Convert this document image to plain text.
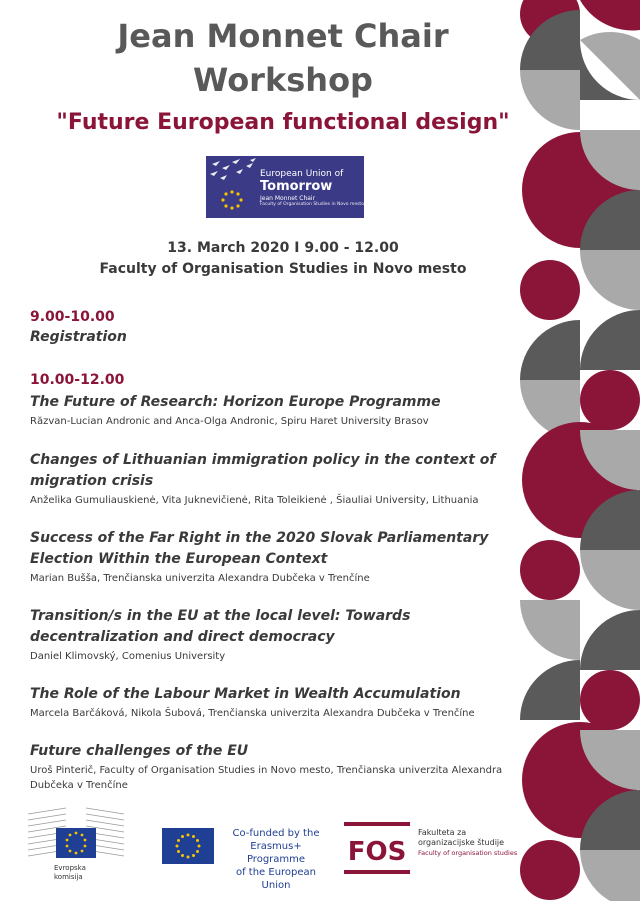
Jean Monnet Chair
Workshop
"Future European functional design"
European Union of
Tomorrow
Jean Monnet Chair
Faculty of Organisation Studies in Novo mesto
13. March 2020 I 9.00 - 12.00
Faculty of Organisation Studies in Novo mesto
9.00-10.00
Registration
10.00-12.00
The Future of Research: Horizon Europe Programme
Răzvan-Lucian Andronic and Anca-Olga Andronic, Spiru Haret University Brasov
Changes of Lithuanian immigration policy in the context of migration crisis
Anželika Gumuliauskienė, Vita Juknevičienė, Rita Toleikienė , Šiauliai University, Lithuania
Success of the Far Right in the 2020 Slovak Parliamentary Election Within the European Context
Marian Bušša, Trenčianska univerzita Alexandra Dubčeka v Trenčíne
Transition/s in the EU at the local level: Towards decentralization and direct democracy
Daniel Klimovský, Comenius University
The Role of the Labour Market in Wealth Accumulation
Marcela Barčáková, Nikola Šubová, Trenčianska univerzita Alexandra Dubčeka v Trenčíne
Future challenges of the EU
Uroš Pinterič, Faculty of Organisation Studies in Novo mesto, Trenčianska univerzita Alexandra Dubčeka v Trenčíne
Evropska
komisija
Co-funded by the
Erasmus+ Programme
of the European Union
FOS
Fakulteta za
organizacijske študije

Faculty of organisation studies
